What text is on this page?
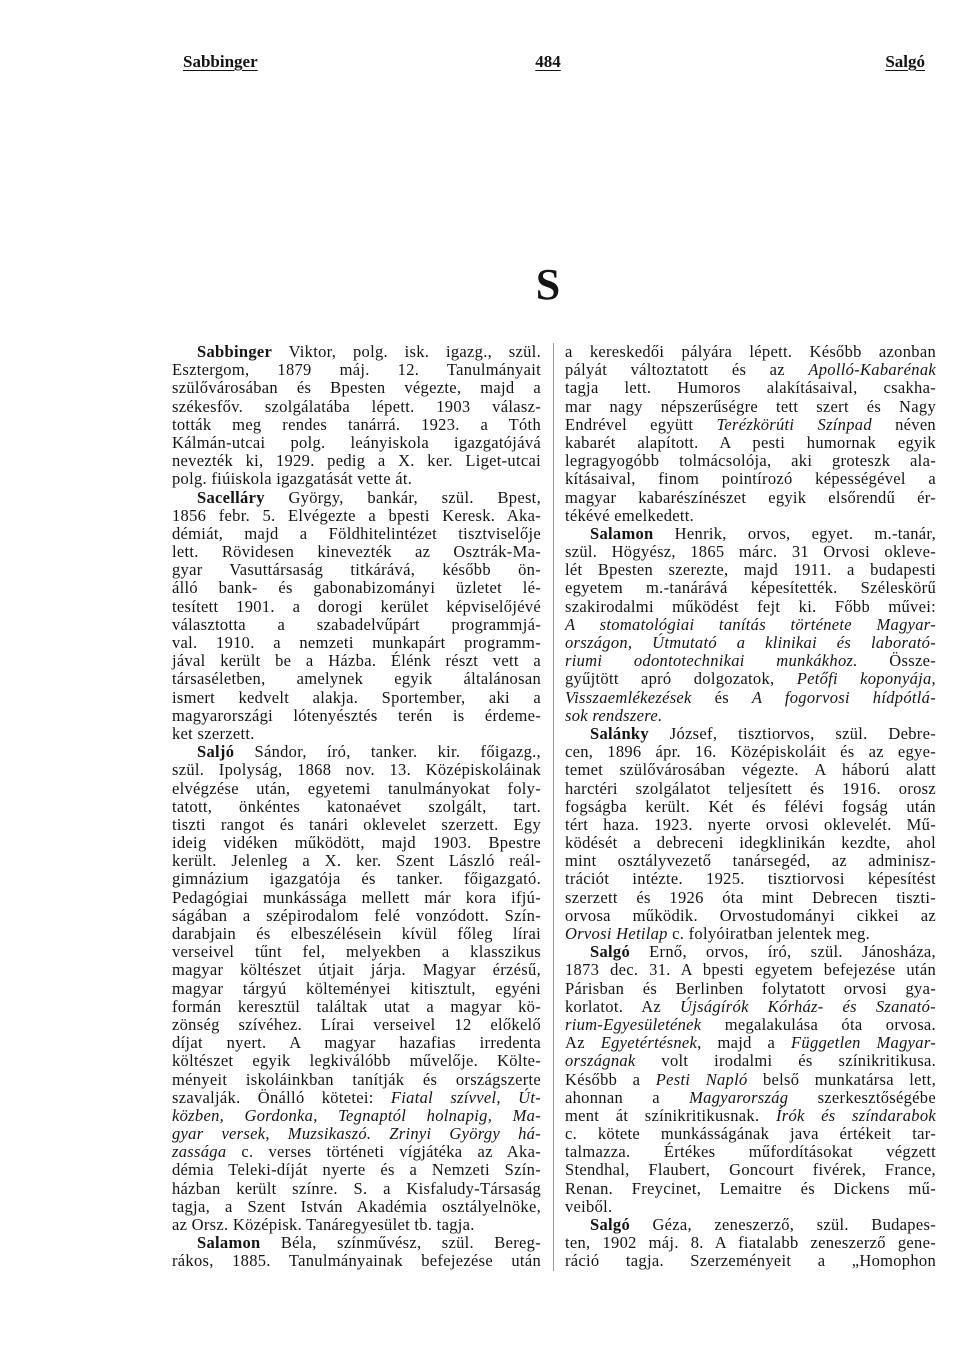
Sabbinger	484	Salgó
S
Sabbinger Viktor, polg. isk. igazg., szül.
Esztergom, 1879 máj. 12. Tanulmányait
szülővárosában és Bpesten végezte, majd a
székesfőv. szolgálatába lépett. 1903 válasz-
tották meg rendes tanárrá. 1923. a Tóth
Kálmán-utcai polg. leányiskola igazgatójává
nevezték ki, 1929. pedig a X. ker. Liget-utcai
polg. fiúiskola igazgatását vette át.
Sacelláry György, bankár, szül. Bpest,
1856 febr. 5. Elvégezte a bpesti Keresk. Aka-
démiát, majd a Földhitelintézet tisztviselője
lett. Rövidesen kinevezték az Osztrák-Ma-
gyar Vasuttársaság titkárává, később ön-
álló bank- és gabonabizományi üzletet lé-
tesített 1901. a dorogi kerület képviselőjévé
választotta a szabadelvűpárt programmjá-
val. 1910. a nemzeti munkapárt programm-
jával került be a Házba. Élénk részt vett a
társaséletben, amelynek egyik általánosan
ismert kedvelt alakja. Sportember, aki a
magyarországi lótenyésztés terén is érdeme-
ket szerzett.
Saljó Sándor, író, tanker. kir. főigazg.,
szül. Ipolyság, 1868 nov. 13. Középiskoláinak
elvégzése után, egyetemi tanulmányokat foly-
tatott, önkéntes katonaévet szolgált, tart.
tiszti rangot és tanári oklevelet szerzett. Egy
ideig vidéken működött, majd 1903. Bpestre
került. Jelenleg a X. ker. Szent László reál-
gimnázium igazgatója és tanker. főigazgató.
Pedagógiai munkássága mellett már kora ifjú-
ságában a szépirodalom felé vonzódott. Szín-
darabjain és elbeszélésein kívül főleg lírai
verseivel tűnt fel, melyekben a klasszikus
magyar költészet útjait járja. Magyar érzésű,
magyar tárgyú költeményei kitisztult, egyéni
formán keresztül találtak utat a magyar kö-
zönség szívéhez. Lírai verseivel 12 előkelő
díjat nyert. A magyar hazafias irredenta
költészet egyik legkiválóbb művelője. Költe-
ményeit iskoláinkban tanítják és országszerte
szavalják. Önálló kötetei: Fiatal szívvel, Út-
közben, Gordonka, Tegnaptól holnapig, Ma-
gyar versek, Muzsikaszó. Zrinyi György há-
zassága c. verses történeti vígjátéka az Aka-
démia Teleki-díját nyerte és a Nemzeti Szín-
házban került színre. S. a Kisfaludy-Társaság
tagja, a Szent István Akadémia osztályelnöke,
az Orsz. Középisk. Tanáregyesület tb. tagja.
Salamon Béla, színművész, szül. Bereg-
rákos, 1885. Tanulmányainak befejezése után
a kereskedői pályára lépett. Később azonban
pályát változtatott és az Apolló-Kabarénak
tagja lett. Humoros alakításaival, csakha-
mar nagy népszerűségre tett szert és Nagy
Endrével együtt Terézkörúti Színpad néven
kabarét alapított. A pesti humornak egyik
legragyogóbb tolmácsolója, aki groteszk ala-
kításaival, finom pointírozó képességével a
magyar kabarészínészet egyik elsőrendű ér-
tékévé emelkedett.
Salamon Henrik, orvos, egyet. m.-tanár,
szül. Högyész, 1865 márc. 31 Orvosi okleve-
lét Bpesten szerezte, majd 1911. a budapesti
egyetem m.-tanárává képesítették. Széleskörű
szakirodalmi működést fejt ki. Főbb művei:
A stomatológiai tanítás története Magyar-
országon, Útmutató a klinikai és laborató-
riumi odontotechnikai munkákhoz. Össze-
gyűjtött apró dolgozatok, Petőfi koponyája,
Visszaemlékezések és A fogorvosi hídpótlá-
sok rendszere.
Salánky József, tisztiorvos, szül. Debre-
cen, 1896 ápr. 16. Középiskoláit és az egye-
temet szülővárosában végezte. A háború alatt
harctéri szolgálatot teljesített és 1916. orosz
fogságba került. Két és félévi fogság után
tért haza. 1923. nyerte orvosi oklevelét. Mű-
ködését a debreceni idegklinikán kezdte, ahol
mint osztályvezető tanársegéd, az adminisz-
trációt intézte. 1925. tisztiorvosi képesítést
szerzett és 1926 óta mint Debrecen tiszti-
orvosa működik. Orvostudományi cikkei az
Orvosi Hetilap c. folyóiratban jelentek meg.
Salgó Ernő, orvos, író, szül. Jánosháza,
1873 dec. 31. A bpesti egyetem befejezése után
Párisban és Berlinben folytatott orvosi gya-
korlatot. Az Újságírók Kórház- és Szanató-
rium-Egyesületének megalakulása óta orvosa.
Az Egyetértésnek, majd a Független Magyar-
országnak volt irodalmi és színikritikusa.
Később a Pesti Napló belső munkatársa lett,
ahonnan a Magyarország szerkesztőségébe
ment át színikritikusnak. Írók és színdarabok
c. kötete munkásságának java értékeit tar-
talmazza. Értékes műfordításokat végzett
Stendhal, Flaubert, Goncourt fivérek, France,
Renan. Freycinet, Lemaitre és Dickens mű-
veiből.
Salgó Géza, zeneszerző, szül. Budapes-
ten, 1902 máj. 8. A fiatalabb zeneszerző gene-
ráció tagja. Szerzeményeit a „Homophon
